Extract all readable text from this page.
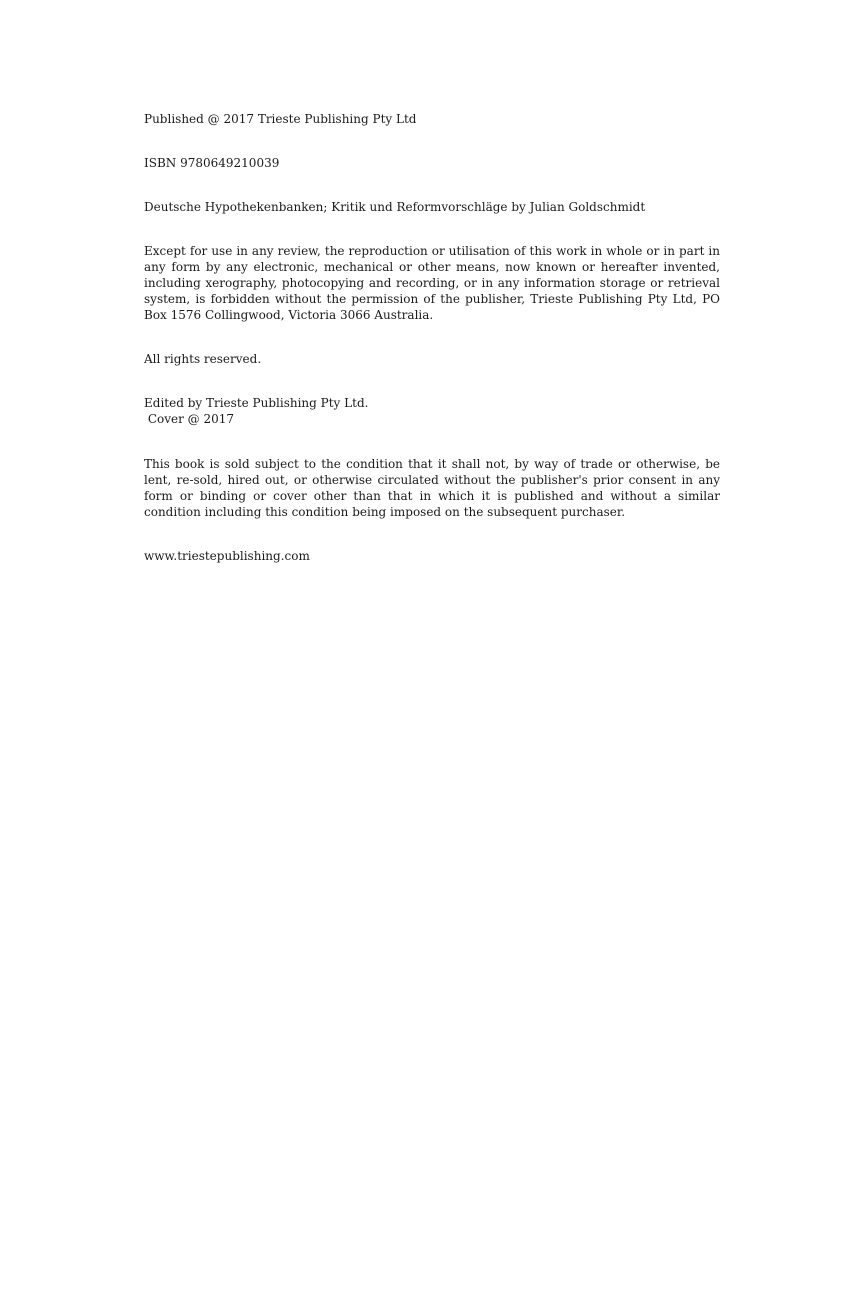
Published @ 2017 Trieste Publishing Pty Ltd

ISBN 9780649210039

Deutsche Hypothekenbanken; Kritik und Reformvorschläge by Julian Goldschmidt

Except for use in any review, the reproduction or utilisation of this work in whole or in part in any form by any electronic, mechanical or other means, now known or hereafter invented, including xerography, photocopying and recording, or in any information storage or retrieval system, is forbidden without the permission of the publisher, Trieste Publishing Pty Ltd, PO Box 1576 Collingwood, Victoria 3066 Australia.

All rights reserved.

Edited by Trieste Publishing Pty Ltd.
Cover @ 2017

This book is sold subject to the condition that it shall not, by way of trade or otherwise, be lent, re-sold, hired out, or otherwise circulated without the publisher's prior consent in any form or binding or cover other than that in which it is published and without a similar condition including this condition being imposed on the subsequent purchaser.

www.triestepublishing.com
